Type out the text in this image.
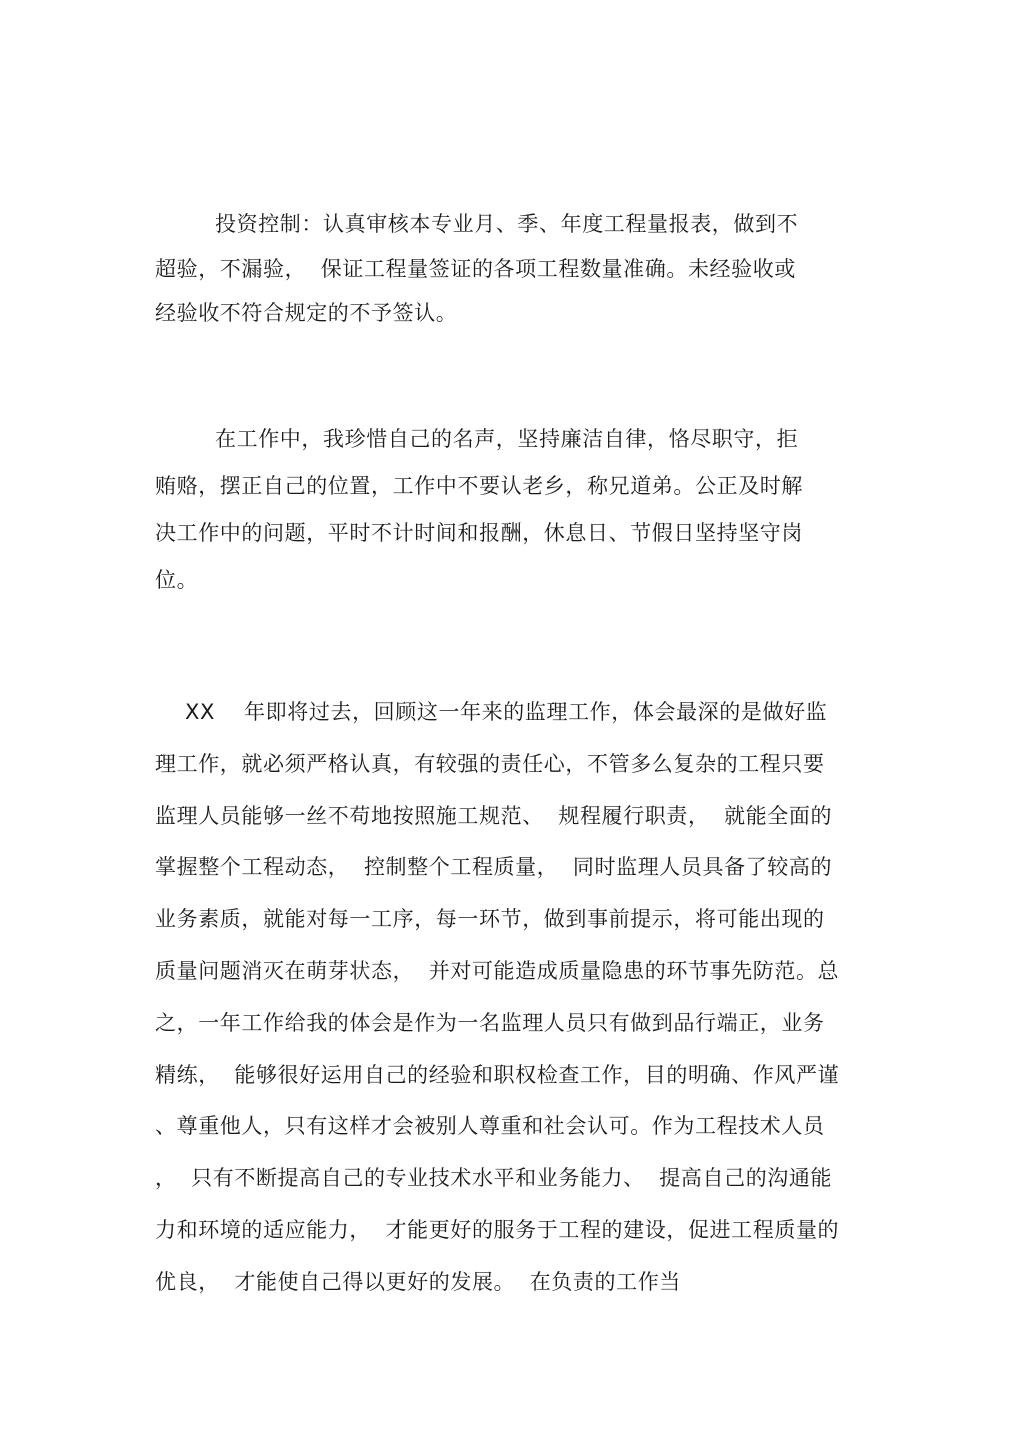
投资控制：认真审核本专业月、季、年度工程量报表，做到不
超验，不漏验，  保证工程量签证的各项工程数量准确。未经验收或
经验收不符合规定的不予签认。
在工作中，我珍惜自己的名声，坚持廉洁自律，恪尽职守，拒
贿赂，摆正自己的位置，工作中不要认老乡，称兄道弟。公正及时解
决工作中的问题，平时不计时间和报酬，休息日、节假日坚持坚守岗
位。
XX    年即将过去，回顾这一年来的监理工作，体会最深的是做好监
理工作，就必须严格认真，有较强的责任心，不管多么复杂的工程只要
监理人员能够一丝不苟地按照施工规范、  规程履行职责，  就能全面的
掌握整个工程动态，  控制整个工程质量，  同时监理人员具备了较高的
业务素质，就能对每一工序，每一环节，做到事前提示，将可能出现的
质量问题消灭在萌芽状态，  并对可能造成质量隐患的环节事先防范。总
之，一年工作给我的体会是作为一名监理人员只有做到品行端正，业务
精练，  能够很好运用自己的经验和职权检查工作，目的明确、作风严谨
、尊重他人，只有这样才会被别人尊重和社会认可。作为工程技术人员
，  只有不断提高自己的专业技术水平和业务能力、  提高自己的沟通能
力和环境的适应能力，  才能更好的服务于工程的建设，促进工程质量的
优良，  才能使自己得以更好的发展。  在负责的工作当
